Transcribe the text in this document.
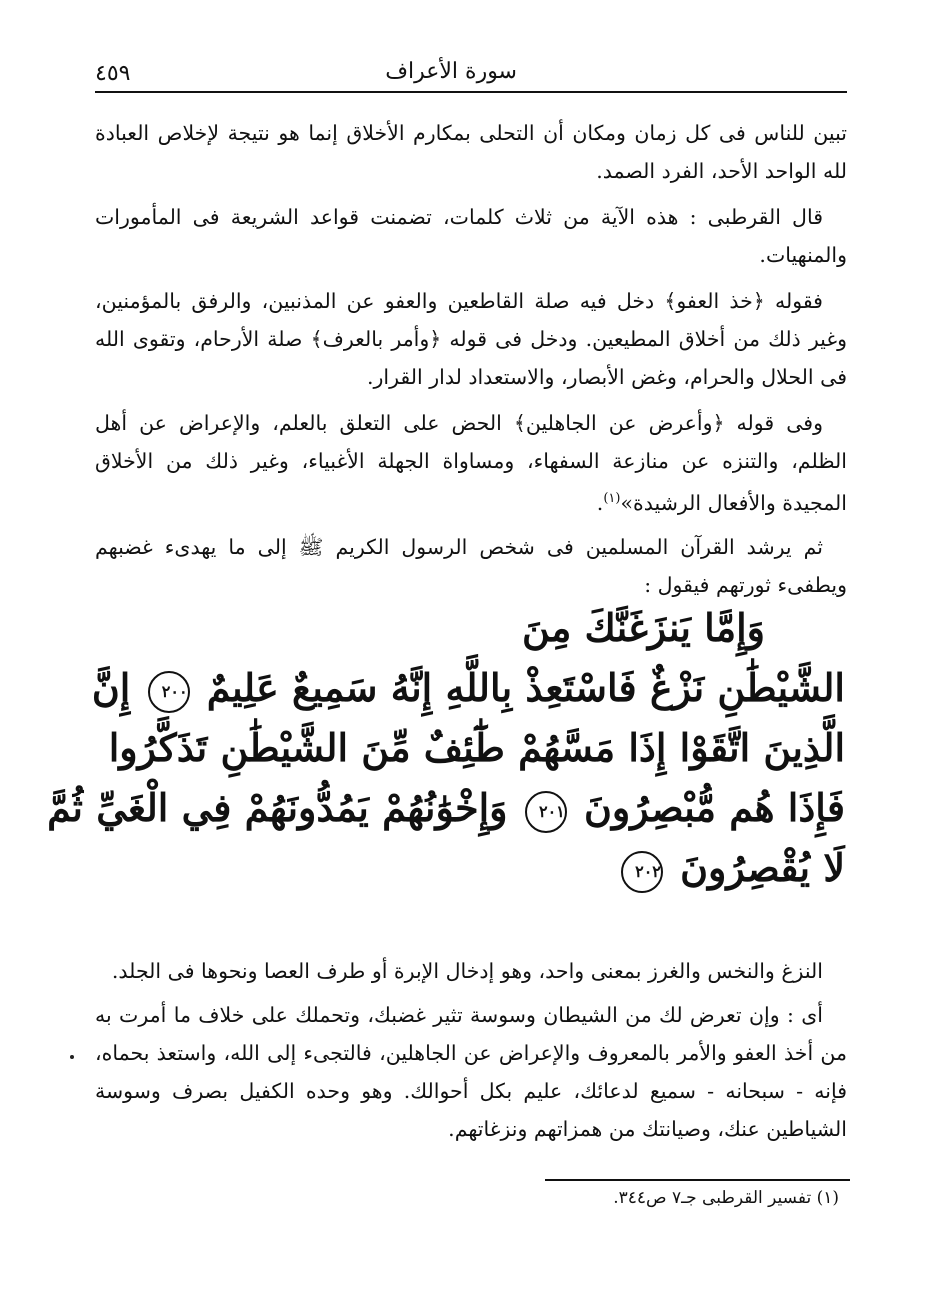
٤٥٩	سورة الأعراف

تبين للناس فى كل زمان ومكان أن التحلى بمكارم الأخلاق إنما هو نتيجة لإخلاص العبادة لله الواحد الأحد، الفرد الصمد.

قال القرطبى : هذه الآية من ثلاث كلمات، تضمنت قواعد الشريعة فى المأمورات والمنهيات.

فقوله ﴿خذ العفو﴾ دخل فيه صلة القاطعين والعفو عن المذنبين، والرفق بالمؤمنين، وغير ذلك من أخلاق المطيعين. ودخل فى قوله ﴿وأمر بالعرف﴾ صلة الأرحام، وتقوى الله فى الحلال والحرام، وغض الأبصار، والاستعداد لدار القرار.

وفى قوله ﴿وأعرض عن الجاهلين﴾ الحض على التعلق بالعلم، والإعراض عن أهل الظلم، والتنزه عن منازعة السفهاء، ومساواة الجهلة الأغبياء، وغير ذلك من الأخلاق المجيدة والأفعال الرشيدة»$^{(١)}$.

ثم يرشد القرآن المسلمين فى شخص الرسول الكريم ﷺ إلى ما يهدىء غضبهم ويطفىء ثورتهم فيقول :

وَإِمَّا يَنزَغَنَّكَ مِنَ
الشَّيْطَٰنِ نَزْغٌ فَاسْتَعِذْ بِاللَّهِ إِنَّهُ سَمِيعٌ عَلِيمٌ ٢٠٠ إِنَّ
الَّذِينَ اتَّقَوْا إِذَا مَسَّهُمْ طَٰٓئِفٌ مِّنَ الشَّيْطَٰنِ تَذَكَّرُوا
فَإِذَا هُم مُّبْصِرُونَ ٢٠١ وَإِخْوَٰنُهُمْ يَمُدُّونَهُمْ فِي الْغَيِّ ثُمَّ
لَا يُقْصِرُونَ ٢٠٢

النزغ والنخس والغرز بمعنى واحد، وهو إدخال الإبرة أو طرف العصا ونحوها فى الجلد.

أى : وإن تعرض لك من الشيطان وسوسة تثير غضبك، وتحملك على خلاف ما أمرت به من أخذ العفو والأمر بالمعروف والإعراض عن الجاهلين، فالتجىء إلى الله، واستعذ بحماه، فإنه - سبحانه - سميع لدعائك، عليم بكل أحوالك. وهو وحده الكفيل بصرف وسوسة الشياطين عنك، وصيانتك من همزاتهم ونزغاتهم.

(١) تفسير القرطبى جـ٧ ص٣٤٤.
